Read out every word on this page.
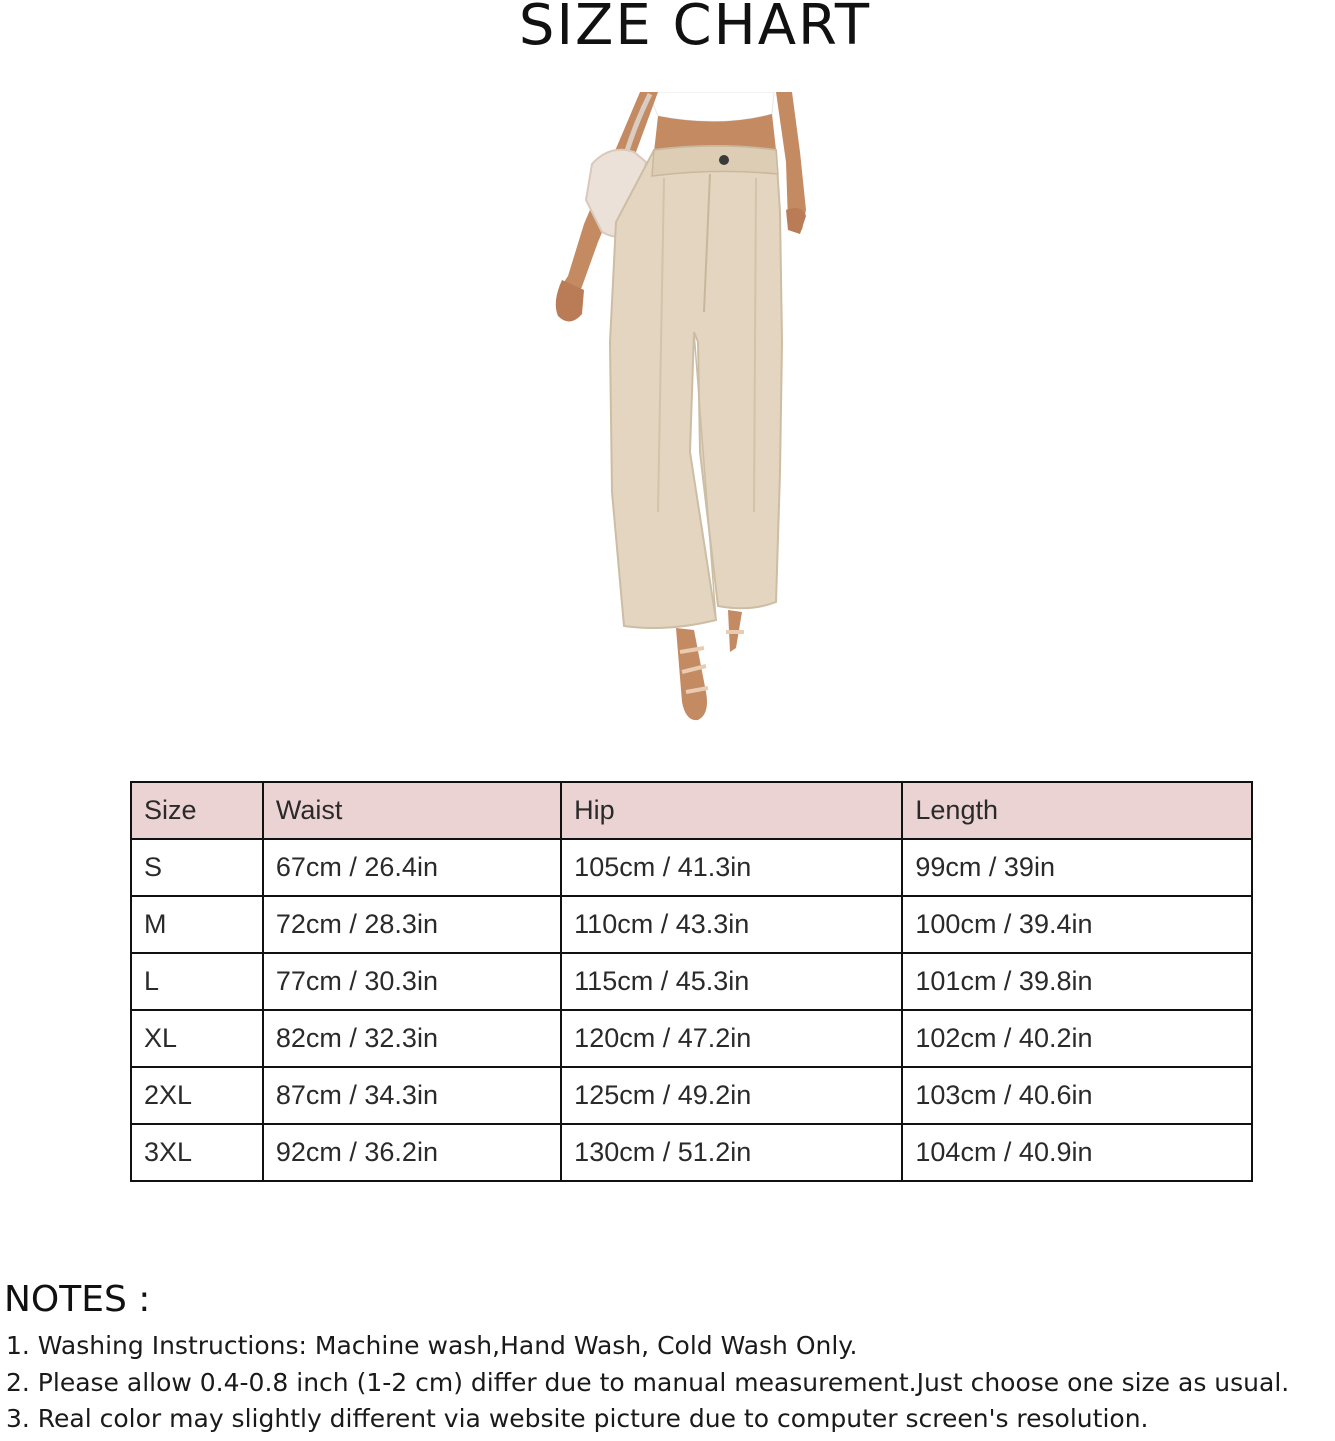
SIZE CHART
Size	Waist	Hip	Length
S	67cm / 26.4in	105cm / 41.3in	99cm / 39in
M	72cm / 28.3in	110cm / 43.3in	100cm / 39.4in
L	77cm / 30.3in	115cm / 45.3in	101cm / 39.8in
XL	82cm / 32.3in	120cm / 47.2in	102cm / 40.2in
2XL	87cm / 34.3in	125cm / 49.2in	103cm / 40.6in
3XL	92cm / 36.2in	130cm / 51.2in	104cm / 40.9in
NOTES :
1. Washing Instructions: Machine wash,Hand Wash, Cold Wash Only.
2. Please allow 0.4-0.8 inch (1-2 cm) differ due to manual measurement.Just choose one size as usual.
3. Real color may slightly different via website picture due to computer screen's resolution.
